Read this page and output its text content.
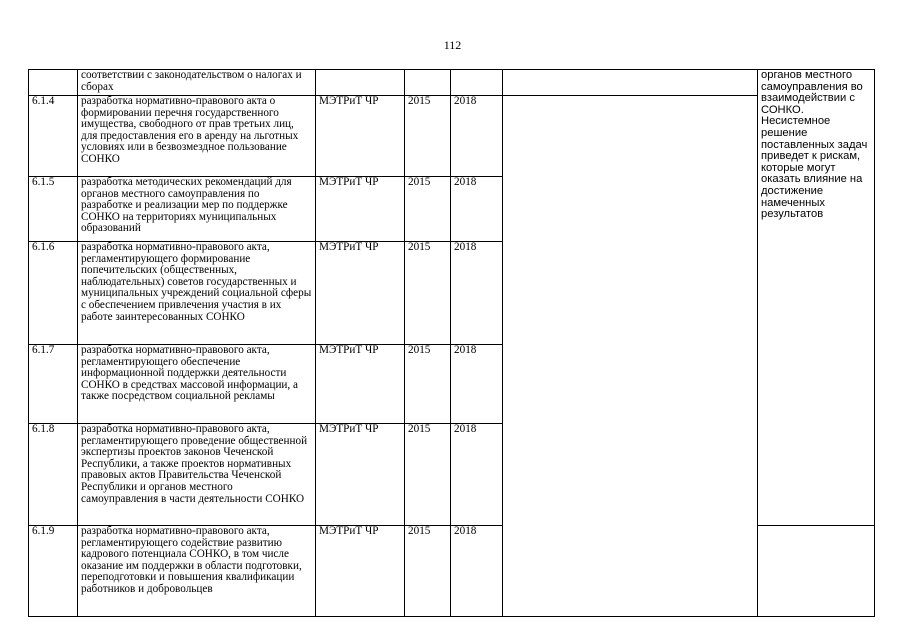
112
	соответствии с законодательством о налогах и сборах					органов местного самоуправления во взаимодействии с СОНКО. Несистемное решение поставленных задач приведет к рискам, которые могут оказать влияние на достижение намеченных результатов
6.1.4	разработка нормативно-правового акта о формировании перечня государственного имущества, свободного от прав третьих лиц, для предоставления его в аренду на льготных условиях или в безвозмездное пользование СОНКО	МЭТРиТ ЧР	2015	2018		
6.1.5	разработка методических рекомендаций для органов местного самоуправления по разработке и реализации мер по поддержке СОНКО на территориях муниципальных образований	МЭТРиТ ЧР	2015	2018		
6.1.6	разработка нормативно-правового акта, регламентирующего формирование попечительских (общественных, наблюдательных) советов государственных и муниципальных учреждений социальной сферы с обеспечением привлечения участия в их работе заинтересованных СОНКО	МЭТРиТ ЧР	2015	2018		
6.1.7	разработка нормативно-правового акта, регламентирующего обеспечение информационной поддержки деятельности СОНКО в средствах массовой информации, а также посредством социальной рекламы	МЭТРиТ ЧР	2015	2018		
6.1.8	разработка нормативно-правового акта, регламентирующего проведение общественной экспертизы проектов законов Чеченской Республики, а также проектов нормативных правовых актов Правительства Чеченской Республики и органов местного самоуправления в части деятельности СОНКО	МЭТРиТ ЧР	2015	2018		
6.1.9	разработка нормативно-правового акта, регламентирующего содействие развитию кадрового потенциала СОНКО, в том числе оказание им поддержки в области подготовки, переподготовки и повышения квалификации работников и добровольцев	МЭТРиТ ЧР	2015	2018		
